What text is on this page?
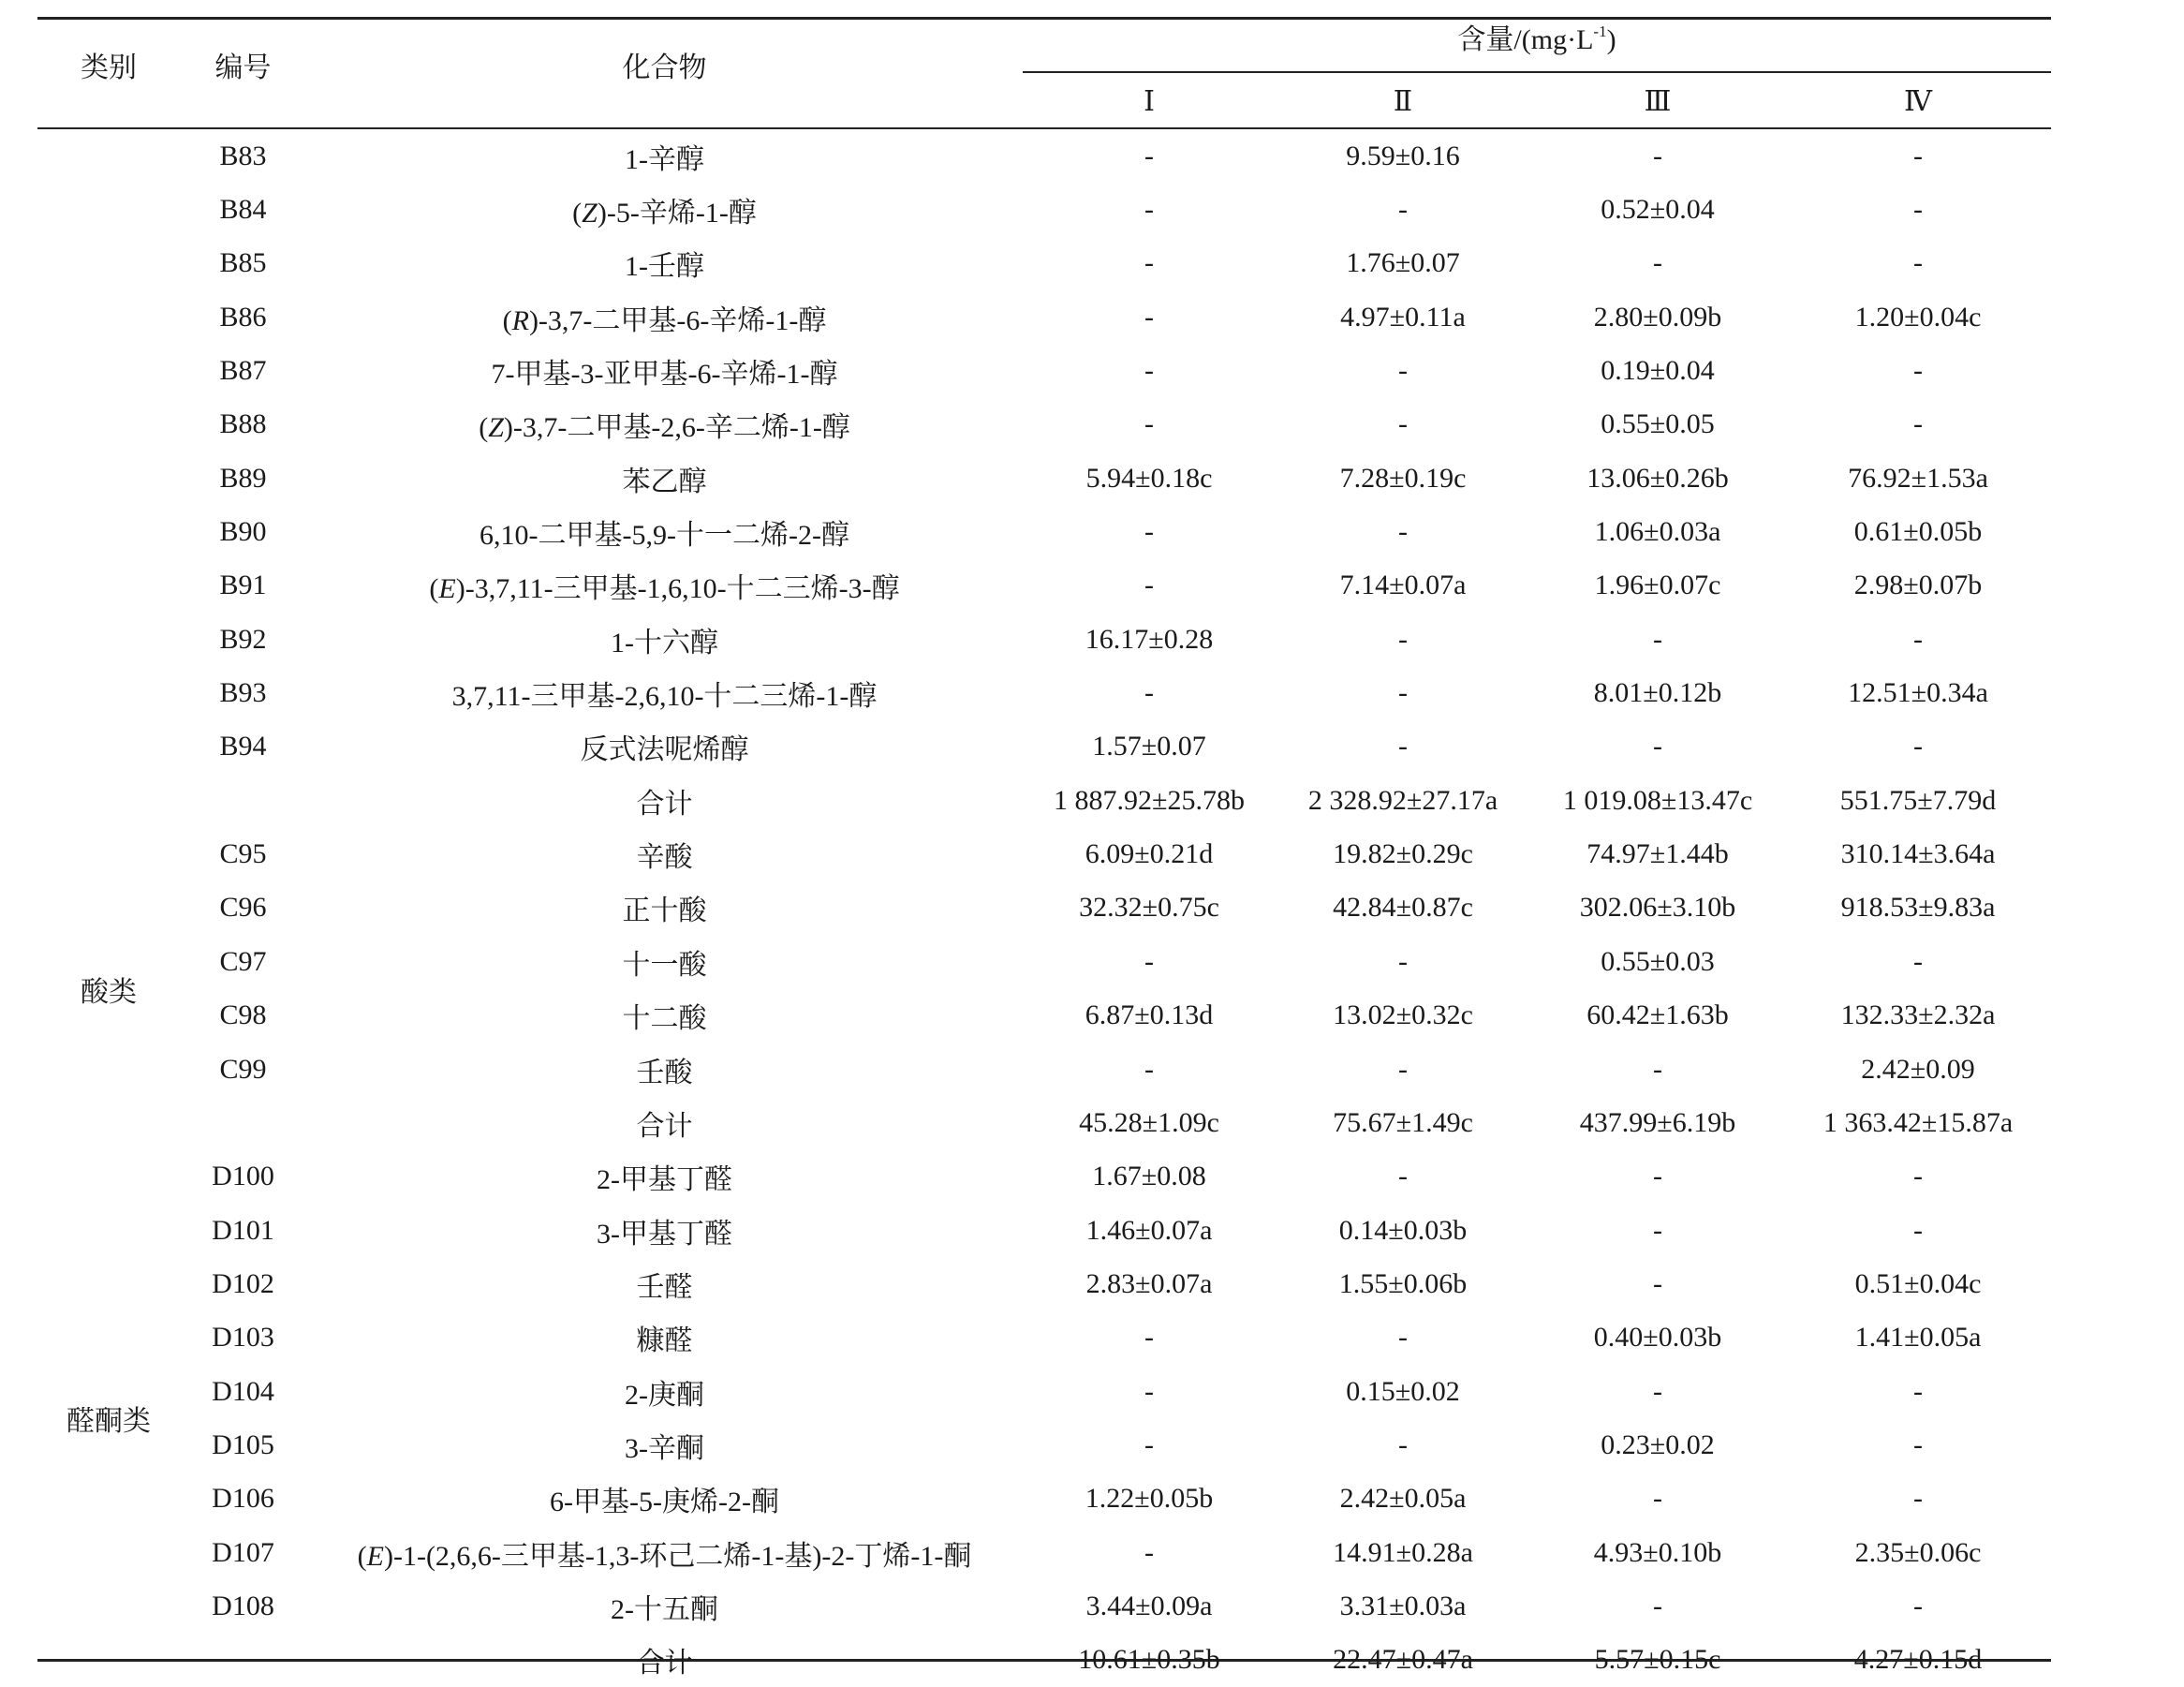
类别	编号	化合物	含量$/(mg\cdot L^{-1})$			
			Ⅰ	Ⅱ	Ⅲ	Ⅳ
	B83	1-辛醇	-	9.59±0.16	-	-
	B84	(Z)-5-辛烯-1-醇	-	-	0.52±0.04	-
	B85	1-壬醇	-	1.76±0.07	-	-
	B86	(R)-3,7-二甲基-6-辛烯-1-醇	-	4.97±0.11a	2.80±0.09b	1.20±0.04c
	B87	7-甲基-3-亚甲基-6-辛烯-1-醇	-	-	0.19±0.04	-
	B88	(Z)-3,7-二甲基-2,6-辛二烯-1-醇	-	-	0.55±0.05	-
	B89	苯乙醇	5.94±0.18c	7.28±0.19c	13.06±0.26b	76.92±1.53a
	B90	6,10-二甲基-5,9-十一二烯-2-醇	-	-	1.06±0.03a	0.61±0.05b
	B91	(E)-3,7,11-三甲基-1,6,10-十二三烯-3-醇	-	7.14±0.07a	1.96±0.07c	2.98±0.07b
	B92	1-十六醇	16.17±0.28	-	-	-
	B93	3,7,11-三甲基-2,6,10-十二三烯-1-醇	-	-	8.01±0.12b	12.51±0.34a
	B94	反式法呢烯醇	1.57±0.07	-	-	-
		合计	1 887.92±25.78b	2 328.92±27.17a	1 019.08±13.47c	551.75±7.79d
酸类	C95	辛酸	6.09±0.21d	19.82±0.29c	74.97±1.44b	310.14±3.64a
	C96	正十酸	32.32±0.75c	42.84±0.87c	302.06±3.10b	918.53±9.83a
	C97	十一酸	-	-	0.55±0.03	-
	C98	十二酸	6.87±0.13d	13.02±0.32c	60.42±1.63b	132.33±2.32a
	C99	壬酸	-	-	-	2.42±0.09
		合计	45.28±1.09c	75.67±1.49c	437.99±6.19b	1 363.42±15.87a
醛酮类	D100	2-甲基丁醛	1.67±0.08	-	-	-
	D101	3-甲基丁醛	1.46±0.07a	0.14±0.03b	-	-
	D102	壬醛	2.83±0.07a	1.55±0.06b	-	0.51±0.04c
	D103	糠醛	-	-	0.40±0.03b	1.41±0.05a
	D104	2-庚酮	-	0.15±0.02	-	-
	D105	3-辛酮	-	-	0.23±0.02	-
	D106	6-甲基-5-庚烯-2-酮	1.22±0.05b	2.42±0.05a	-	-
	D107	(E)-1-(2,6,6-三甲基-1,3-环己二烯-1-基)-2-丁烯-1-酮	-	14.91±0.28a	4.93±0.10b	2.35±0.06c
	D108	2-十五酮	3.44±0.09a	3.31±0.03a	-	-
		合计	10.61±0.35b	22.47±0.47a	5.57±0.15c	4.27±0.15d
